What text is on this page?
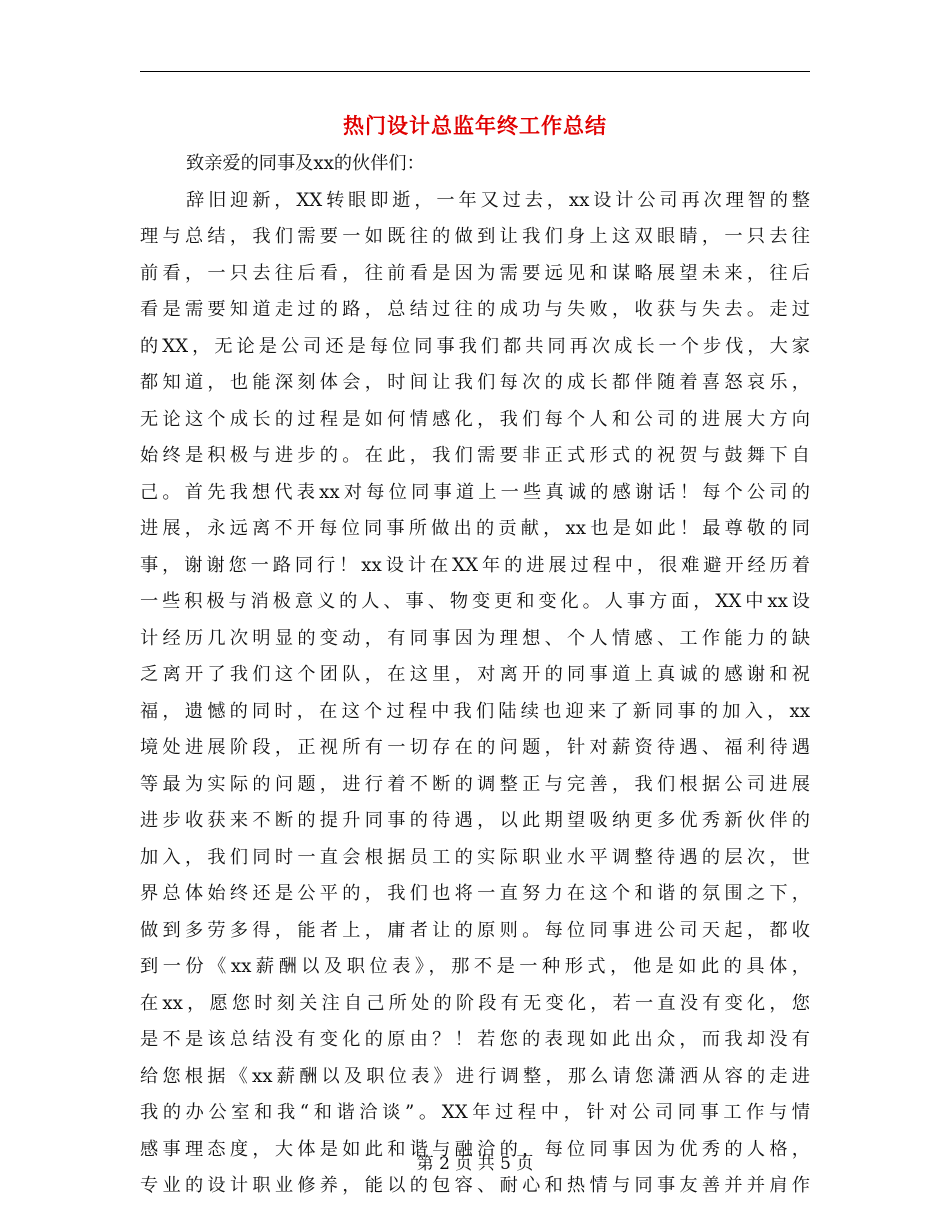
热门设计总监年终工作总结
致亲爱的同事及xx的伙伴们：
辞旧迎新，XX转眼即逝，一年又过去，xx设计公司再次理智的整
理与总结，我们需要一如既往的做到让我们身上这双眼睛，一只去往
前看，一只去往后看，往前看是因为需要远见和谋略展望未来，往后
看是需要知道走过的路，总结过往的成功与失败，收获与失去。走过
的XX，无论是公司还是每位同事我们都共同再次成长一个步伐，大家
都知道，也能深刻体会，时间让我们每次的成长都伴随着喜怒哀乐，
无论这个成长的过程是如何情感化，我们每个人和公司的进展大方向
始终是积极与进步的。在此，我们需要非正式形式的祝贺与鼓舞下自
己。首先我想代表xx对每位同事道上一些真诚的感谢话！每个公司的
进展，永远离不开每位同事所做出的贡献，xx也是如此！最尊敬的同
事，谢谢您一路同行！xx设计在XX年的进展过程中，很难避开经历着
一些积极与消极意义的人、事、物变更和变化。人事方面，XX中xx设
计经历几次明显的变动，有同事因为理想、个人情感、工作能力的缺
乏离开了我们这个团队，在这里，对离开的同事道上真诚的感谢和祝
福，遗憾的同时，在这个过程中我们陆续也迎来了新同事的加入，xx
境处进展阶段，正视所有一切存在的问题，针对薪资待遇、福利待遇
等最为实际的问题，进行着不断的调整正与完善，我们根据公司进展
进步收获来不断的提升同事的待遇，以此期望吸纳更多优秀新伙伴的
加入，我们同时一直会根据员工的实际职业水平调整待遇的层次，世
界总体始终还是公平的，我们也将一直努力在这个和谐的氛围之下，
做到多劳多得，能者上，庸者让的原则。每位同事进公司天起，都收
到一份《xx薪酬以及职位表》，那不是一种形式，他是如此的具体，
在xx，愿您时刻关注自己所处的阶段有无变化，若一直没有变化，您
是不是该总结没有变化的原由？！若您的表现如此出众，而我却没有
给您根据《xx薪酬以及职位表》进行调整，那么请您潇洒从容的走进
我的办公室和我“和谐洽谈”。XX年过程中，针对公司同事工作与情
感事理态度，大体是如此和谐与融洽的，每位同事因为优秀的人格，
专业的设计职业修养，能以的包容、耐心和热情与同事友善并并肩作
第 2 页 共 5 页
